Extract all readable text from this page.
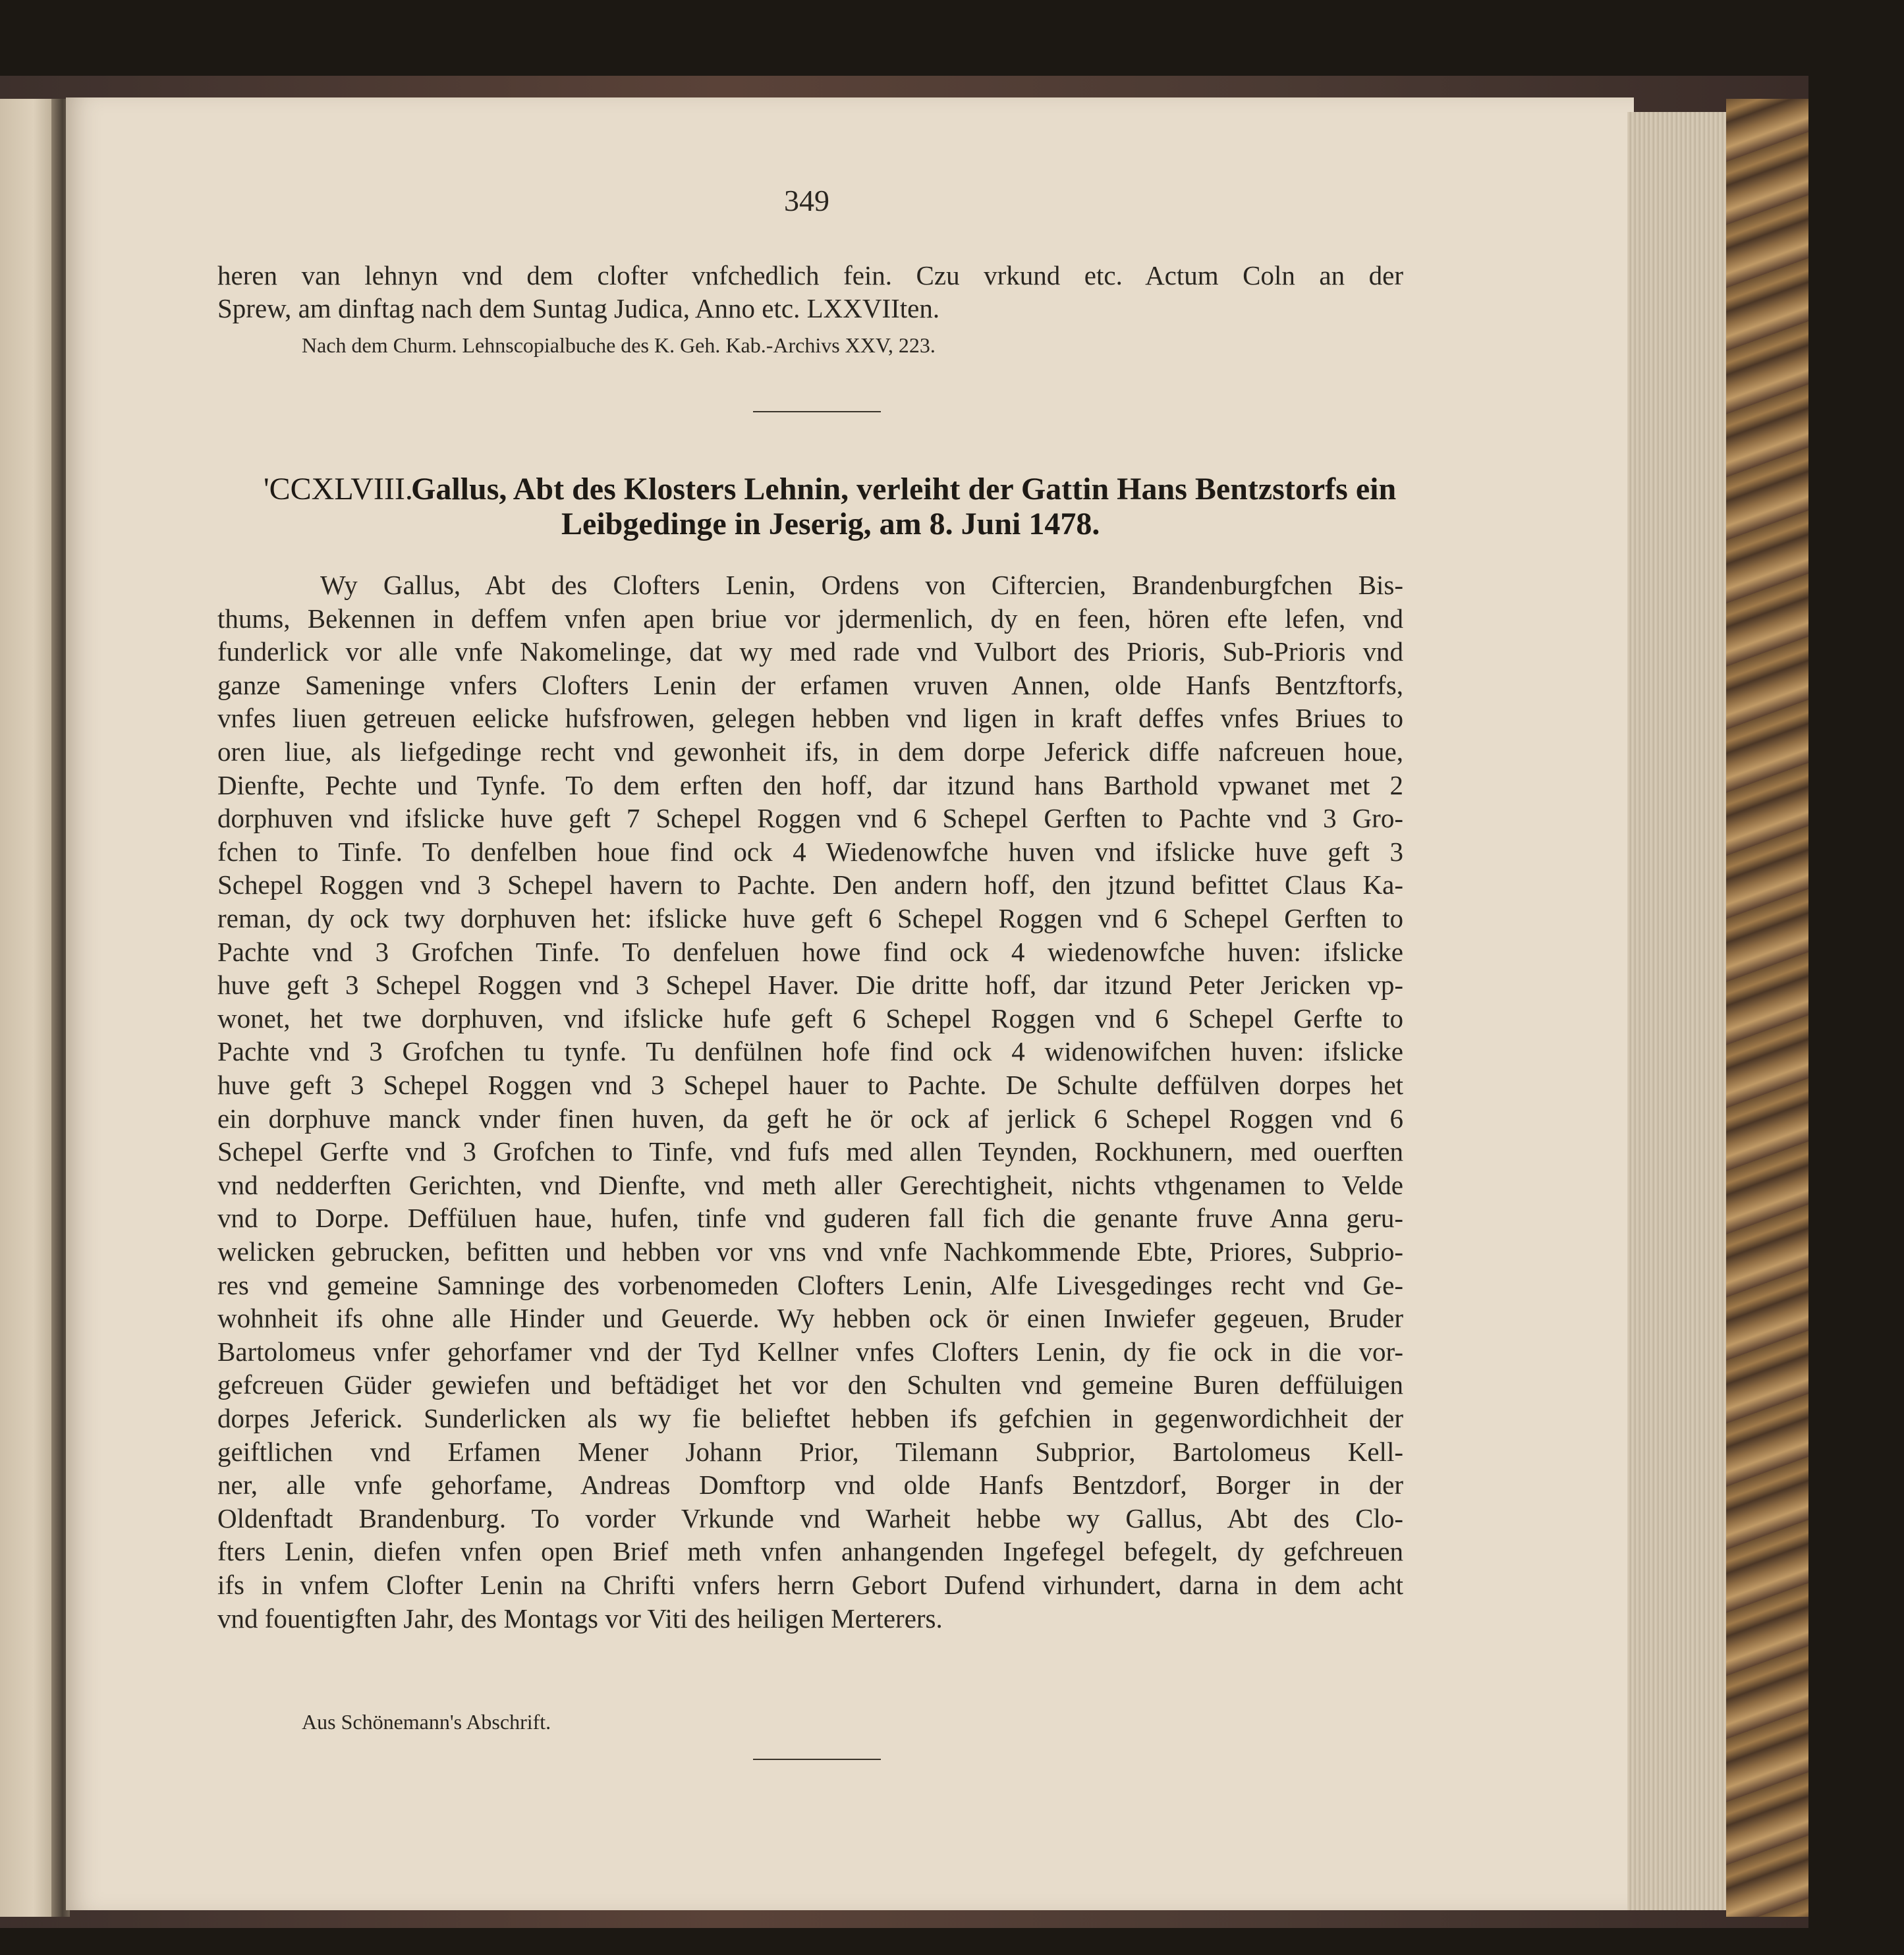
349
heren van lehnyn vnd dem clofter vnfchedlich fein. Czu vrkund etc. Actum Coln an der
Sprew, am dinftag nach dem Suntag Judica, Anno etc. LXXVIIten.
Nach dem Churm. Lehnscopialbuche des K. Geh. Kab.-Archivs XXV, 223.
'CCXLVIII.
Gallus, Abt des Klosters Lehnin, verleiht der Gattin Hans Bentzstorfs ein
Leibgedinge in Jeserig, am 8. Juni 1478.
Wy Gallus, Abt des Clofters Lenin, Ordens von Ciftercien, Brandenburgfchen Bis-
thums, Bekennen in deffem vnfen apen briue vor jdermenlich, dy en feen, hören efte lefen, vnd
funderlick vor alle vnfe Nakomelinge, dat wy med rade vnd Vulbort des Prioris, Sub-Prioris vnd
ganze Sameninge vnfers Clofters Lenin der erfamen vruven Annen, olde Hanfs Bentzftorfs,
vnfes liuen getreuen eelicke hufsfrowen, gelegen hebben vnd ligen in kraft deffes vnfes Briues to
oren liue, als liefgedinge recht vnd gewonheit ifs, in dem dorpe Jeferick diffe nafcreuen houe,
Dienfte, Pechte und Tynfe. To dem erften den hoff, dar itzund hans Barthold vpwanet met 2
dorphuven vnd ifslicke huve geft 7 Schepel Roggen vnd 6 Schepel Gerften to Pachte vnd 3 Gro-
fchen to Tinfe. To denfelben houe find ock 4 Wiedenowfche huven vnd ifslicke huve geft 3
Schepel Roggen vnd 3 Schepel havern to Pachte. Den andern hoff, den jtzund befittet Claus Ka-
reman, dy ock twy dorphuven het: ifslicke huve geft 6 Schepel Roggen vnd 6 Schepel Gerften to
Pachte vnd 3 Grofchen Tinfe. To denfeluen howe find ock 4 wiedenowfche huven: ifslicke
huve geft 3 Schepel Roggen vnd 3 Schepel Haver. Die dritte hoff, dar itzund Peter Jericken vp-
wonet, het twe dorphuven, vnd ifslicke hufe geft 6 Schepel Roggen vnd 6 Schepel Gerfte to
Pachte vnd 3 Grofchen tu tynfe. Tu denfülnen hofe find ock 4 widenowifchen huven: ifslicke
huve geft 3 Schepel Roggen vnd 3 Schepel hauer to Pachte. De Schulte deffülven dorpes het
ein dorphuve manck vnder finen huven, da geft he ör ock af jerlick 6 Schepel Roggen vnd 6
Schepel Gerfte vnd 3 Grofchen to Tinfe, vnd fufs med allen Teynden, Rockhunern, med ouerften
vnd nedderften Gerichten, vnd Dienfte, vnd meth aller Gerechtigheit, nichts vthgenamen to Velde
vnd to Dorpe. Deffüluen haue, hufen, tinfe vnd guderen fall fich die genante fruve Anna geru-
welicken gebrucken, befitten und hebben vor vns vnd vnfe Nachkommende Ebte, Priores, Subprio-
res vnd gemeine Samninge des vorbenomeden Clofters Lenin, Alfe Livesgedinges recht vnd Ge-
wohnheit ifs ohne alle Hinder und Geuerde. Wy hebben ock ör einen Inwiefer gegeuen, Bruder
Bartolomeus vnfer gehorfamer vnd der Tyd Kellner vnfes Clofters Lenin, dy fie ock in die vor-
gefcreuen Güder gewiefen und beftädiget het vor den Schulten vnd gemeine Buren deffüluigen
dorpes Jeferick. Sunderlicken als wy fie beliеftet hebben ifs gefchien in gegenwordichheit der
geiftlichen vnd Erfamen Mener Johann Prior, Tilemann Subprior, Bartolomeus Kell-
ner, alle vnfe gehorfame, Andreas Domftorp vnd olde Hanfs Bentzdorf, Borger in der
Oldenftadt Brandenburg. To vorder Vrkunde vnd Warheit hebbe wy Gallus, Abt des Clo-
fters Lenin, diefen vnfen open Brief meth vnfen anhangenden Ingefegel befegelt, dy gefchreuen
ifs in vnfem Clofter Lenin na Chrifti vnfers herrn Gebort Dufend virhundert, darna in dem acht
vnd fouentigften Jahr, des Montags vor Viti des heiligen Merterers.
Aus Schönemann's Abschrift.
